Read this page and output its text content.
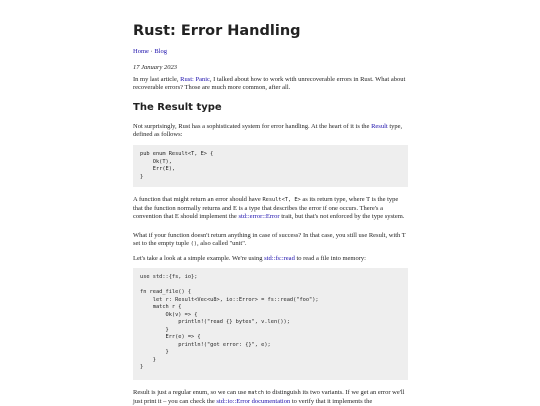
Rust: Error Handling
Home · Blog
17 January 2023

In my last article, Rust: Panic, I talked about how to work with unrecoverable errors in Rust. What about recoverable errors? Those are much more common, after all.

The Result type

Not surprisingly, Rust has a sophisticated system for error handling. At the heart of it is the Result type, defined as follows:

pub enum Result<T, E> {
Ok(T),
Err(E),
}

A function that might return an error should have Result<T, E> as its return type, where T is the type that the function normally returns and E is a type that describes the error if one occurs. There's a convention that E should implement the std::error::Error trait, but that's not enforced by the type system.

What if your function doesn't return anything in case of success? In that case, you still use Result, with T set to the empty tuple (), also called "unit".

Let's take a look at a simple example. We're using std::fs::read to read a file into memory:

use std::{fs, io};

fn read_file() {
let r: Result<Vec<u8>, io::Error> = fs::read("foo");
match r {
Ok(v) => {
println!("read {} bytes", v.len());
}
Err(e) => {
println!("got error: {}", e);
}
}
}

Result is just a regular enum, so we can use match to distinguish its two variants. If we get an error we'll just print it – you can check the std::io::Error documentation to verify that it implements the
